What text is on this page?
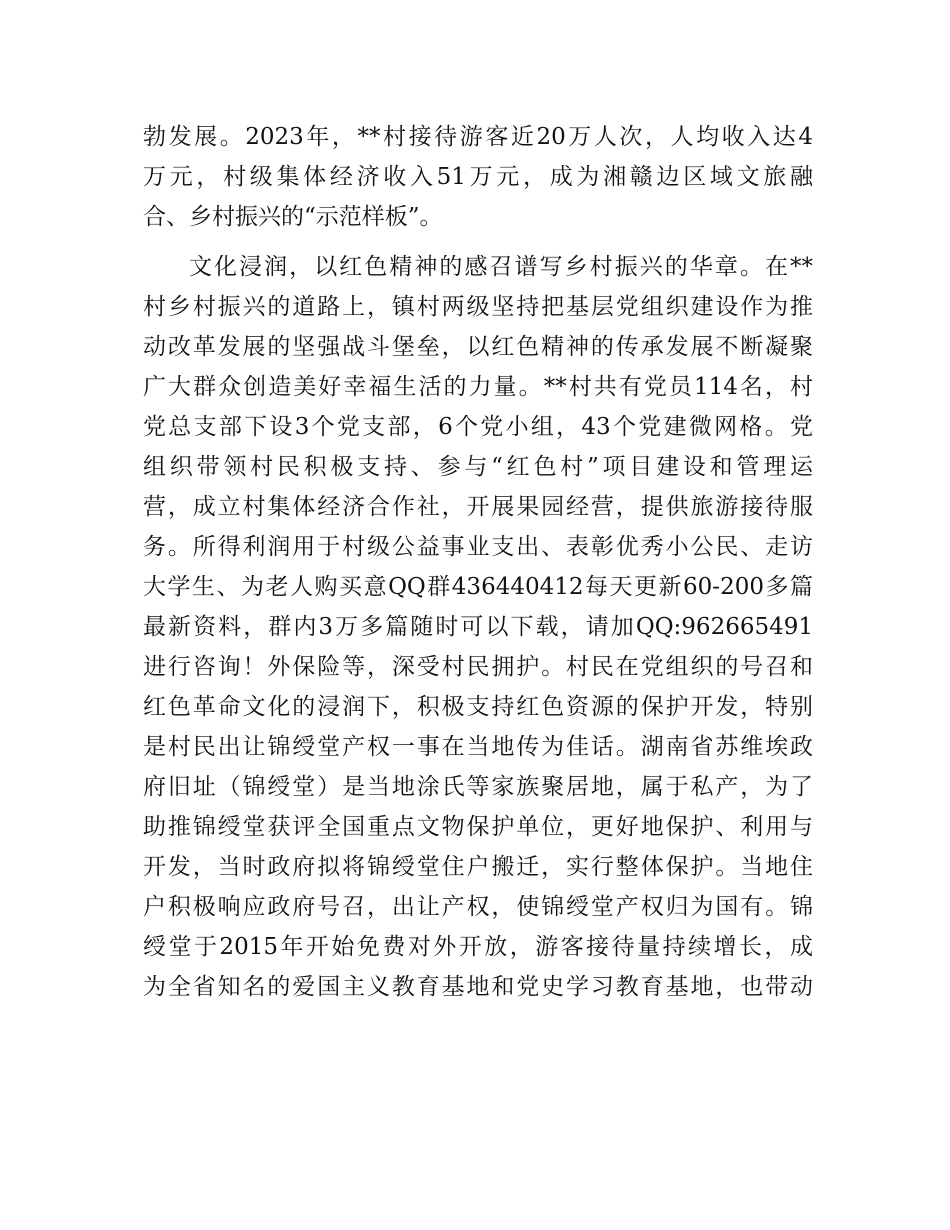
勃发展。2023年，**村接待游客近20万人次，人均收入达4
万元，村级集体经济收入51万元，成为湘赣边区域文旅融
合、乡村振兴的“示范样板”。
文化浸润，以红色精神的感召谱写乡村振兴的华章。在**
村乡村振兴的道路上，镇村两级坚持把基层党组织建设作为推
动改革发展的坚强战斗堡垒，以红色精神的传承发展不断凝聚
广大群众创造美好幸福生活的力量。**村共有党员114名，村
党总支部下设3个党支部，6个党小组，43个党建微网格。党
组织带领村民积极支持、参与“红色村”项目建设和管理运
营，成立村集体经济合作社，开展果园经营，提供旅游接待服
务。所得利润用于村级公益事业支出、表彰优秀小公民、走访
大学生、为老人购买意QQ群436440412每天更新60-200多篇
最新资料，群内3万多篇随时可以下载，请加QQ:962665491
进行咨询！外保险等，深受村民拥护。村民在党组织的号召和
红色革命文化的浸润下，积极支持红色资源的保护开发，特别
是村民出让锦绶堂产权一事在当地传为佳话。湖南省苏维埃政
府旧址（锦绶堂）是当地涂氏等家族聚居地，属于私产，为了
助推锦绶堂获评全国重点文物保护单位，更好地保护、利用与
开发，当时政府拟将锦绶堂住户搬迁，实行整体保护。当地住
户积极响应政府号召，出让产权，使锦绶堂产权归为国有。锦
绶堂于2015年开始免费对外开放，游客接待量持续增长，成
为全省知名的爱国主义教育基地和党史学习教育基地，也带动
